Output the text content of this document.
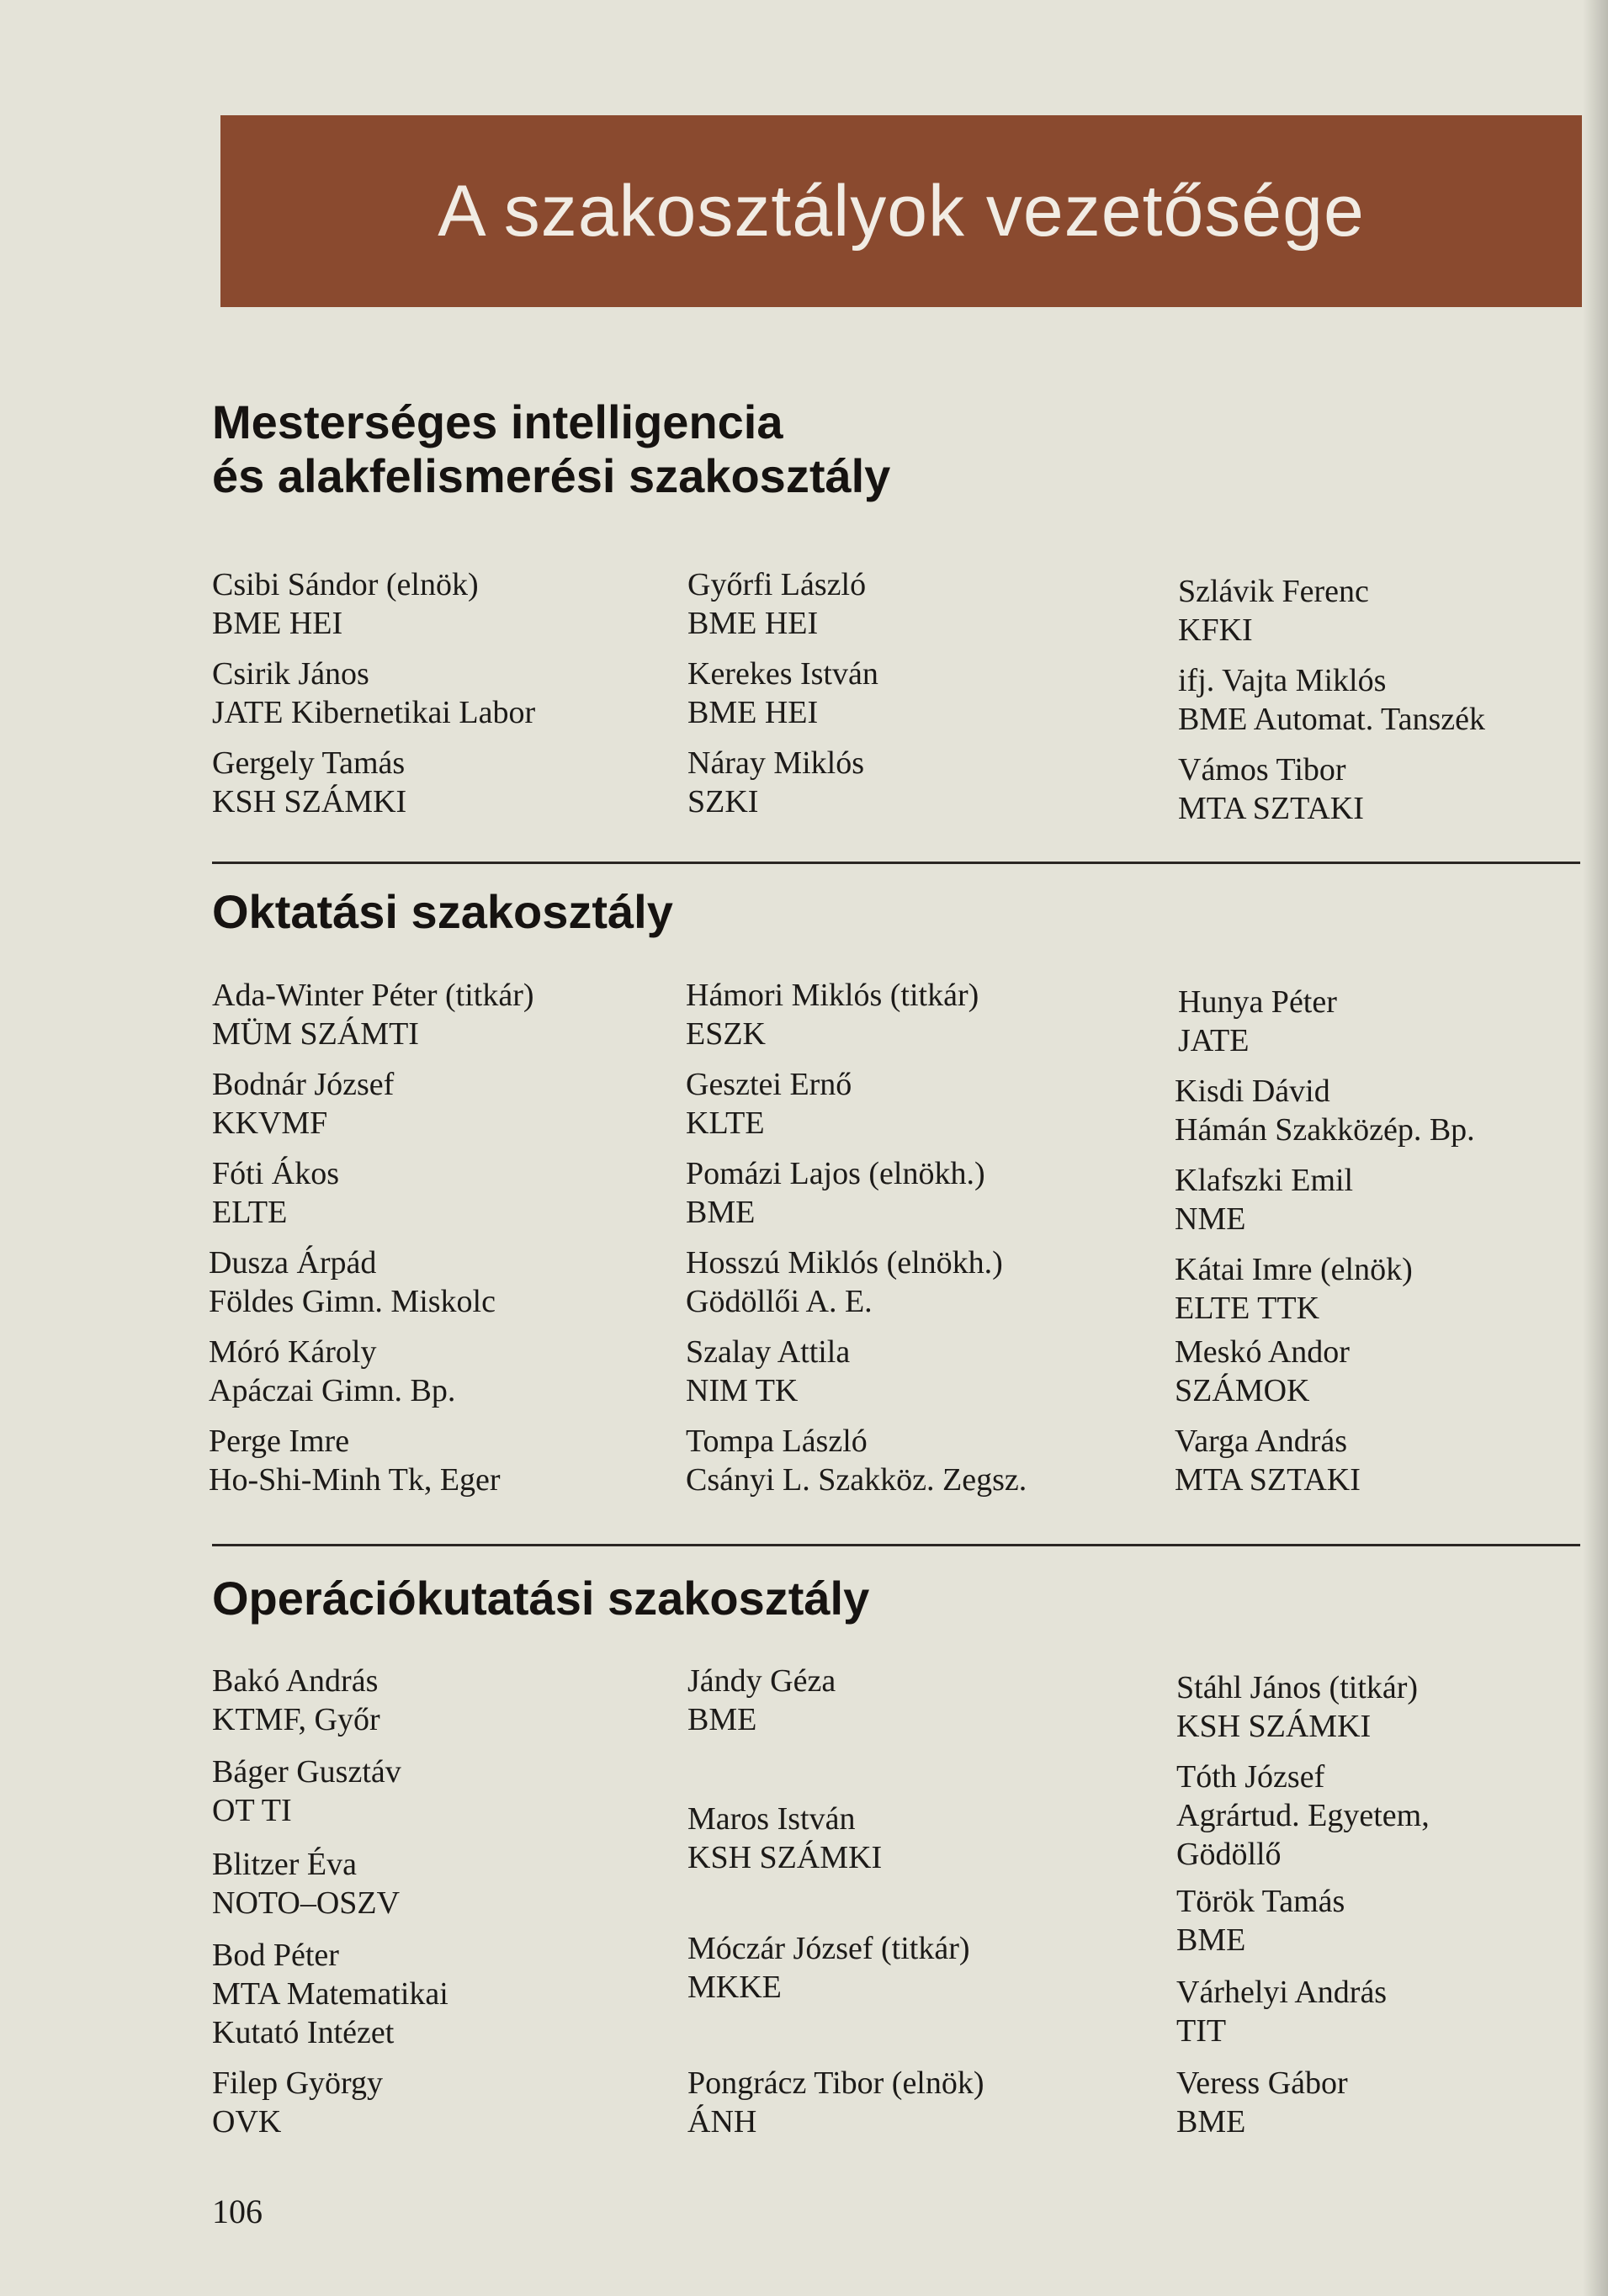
A szakosztályok vezetősége
Mesterséges intelligencia
és alakfelismerési szakosztály
Csibi Sándor (elnök)
BME HEI
Csirik János
JATE Kibernetikai Labor
Gergely Tamás
KSH SZÁMKI
Győrfi László
BME HEI
Kerekes István
BME HEI
Náray Miklós
SZKI
Szlávik Ferenc
KFKI
ifj. Vajta Miklós
BME Automat. Tanszék
Vámos Tibor
MTA SZTAKI
Oktatási szakosztály
Ada-Winter Péter (titkár)
MÜM SZÁMTI
Bodnár József
KKVMF
Fóti Ákos
ELTE
Dusza Árpád
Földes Gimn. Miskolc
Móró Károly
Apáczai Gimn. Bp.
Perge Imre
Ho-Shi-Minh Tk, Eger
Hámori Miklós (titkár)
ESZK
Gesztei Ernő
KLTE
Pomázi Lajos (elnökh.)
BME
Hosszú Miklós (elnökh.)
Gödöllői A. E.
Szalay Attila
NIM TK
Tompa László
Csányi L. Szakköz. Zegsz.
Hunya Péter
JATE
Kisdi Dávid
Hámán Szakközép. Bp.
Klafszki Emil
NME
Kátai Imre (elnök)
ELTE TTK
Meskó Andor
SZÁMOK
Varga András
MTA SZTAKI
Operációkutatási szakosztály
Bakó András
KTMF, Győr
Báger Gusztáv
OT TI
Blitzer Éva
NOTO–OSZV
Bod Péter
MTA Matematikai
Kutató Intézet
Filep György
OVK
Jándy Géza
BME
Maros István
KSH SZÁMKI
Móczár József (titkár)
MKKE
Pongrácz Tibor (elnök)
ÁNH
Stáhl János (titkár)
KSH SZÁMKI
Tóth József
Agrártud. Egyetem,
Gödöllő
Török Tamás
BME
Várhelyi András
TIT
Veress Gábor
BME
106
